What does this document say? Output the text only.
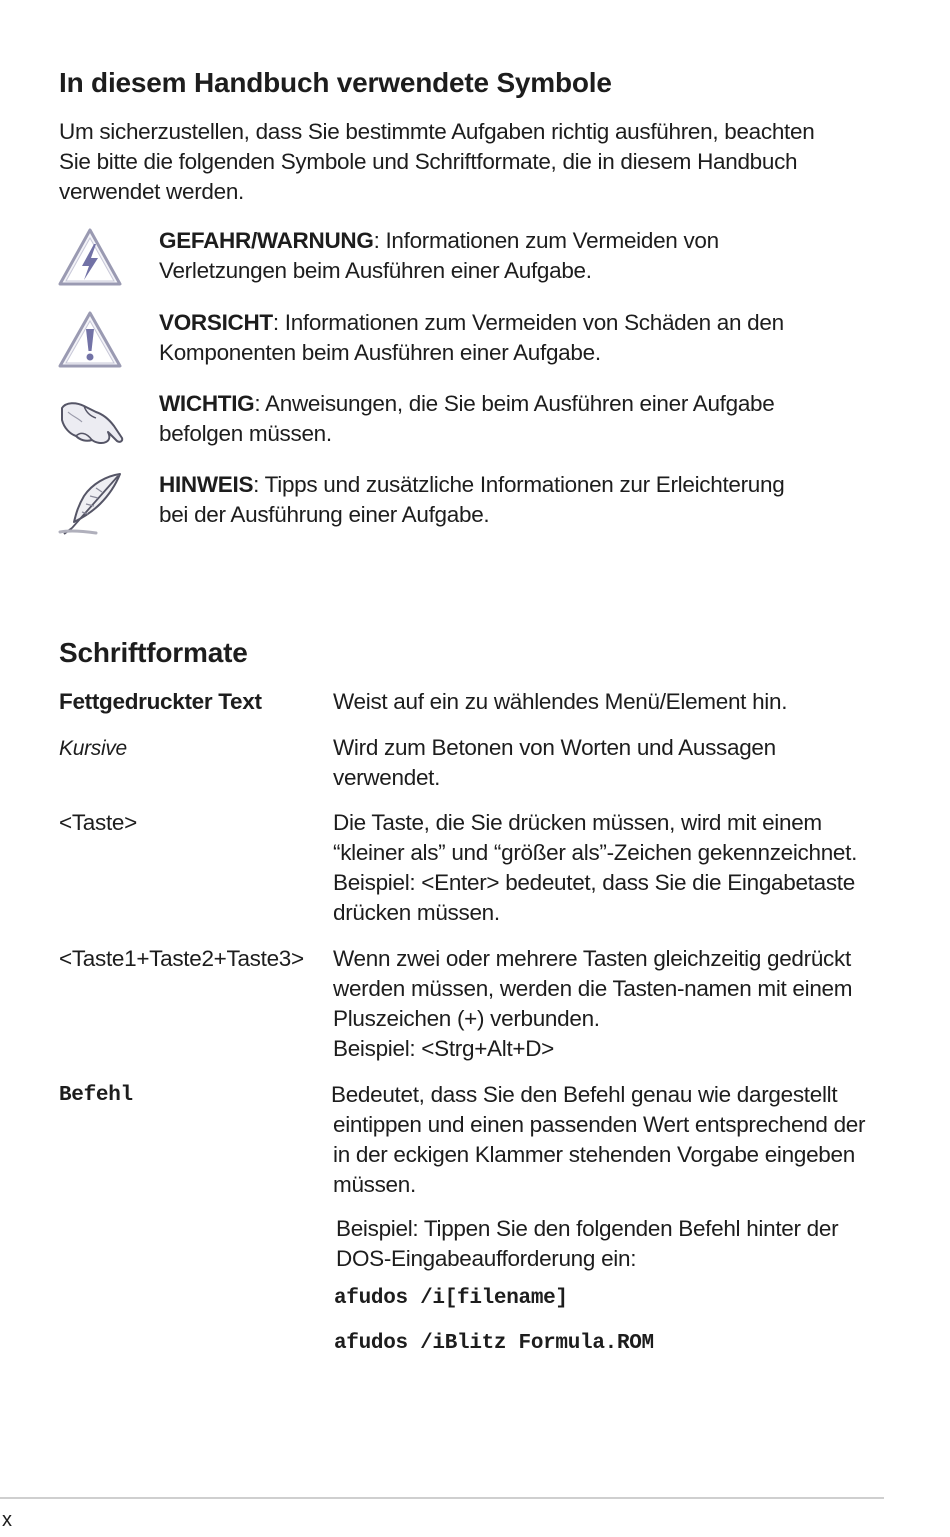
In diesem Handbuch verwendete Symbole
Um sicherzustellen, dass Sie bestimmte Aufgaben richtig ausführen, beachten
Sie bitte die folgenden Symbole und Schriftformate, die in diesem Handbuch
verwendet werden.
GEFAHR/WARNUNG: Informationen zum Vermeiden von
Verletzungen beim Ausführen einer Aufgabe.
VORSICHT: Informationen zum Vermeiden von Schäden an den
Komponenten beim Ausführen einer Aufgabe.
WICHTIG: Anweisungen, die Sie beim Ausführen einer Aufgabe
befolgen müssen.
HINWEIS: Tipps und zusätzliche Informationen zur Erleichterung
bei der Ausführung einer Aufgabe.
Schriftformate
Fettgedruckter Text	Weist auf ein zu wählendes Menü/Element hin.
Kursive	Wird zum Betonen von Worten und Aussagen
verwendet.
<Taste>	Die Taste, die Sie drücken müssen, wird mit einem
“kleiner als” und “größer als”-Zeichen gekennzeichnet.
Beispiel: <Enter> bedeutet, dass Sie die Eingabetaste
drücken müssen.
<Taste1+Taste2+Taste3> Wenn zwei oder mehrere Tasten gleichzeitig gedrückt
werden müssen, werden die Tasten-namen mit einem
Pluszeichen (+) verbunden.
Beispiel: <Strg+Alt+D>
Befehl	Bedeutet, dass Sie den Befehl genau wie dargestellt
eintippen und einen passenden Wert entsprechend der
in der eckigen Klammer stehenden Vorgabe eingeben
müssen.
Beispiel: Tippen Sie den folgenden Befehl hinter der
DOS-Eingabeaufforderung ein:
afudos /i[filename]
afudos /iBlitz Formula.ROM
x
